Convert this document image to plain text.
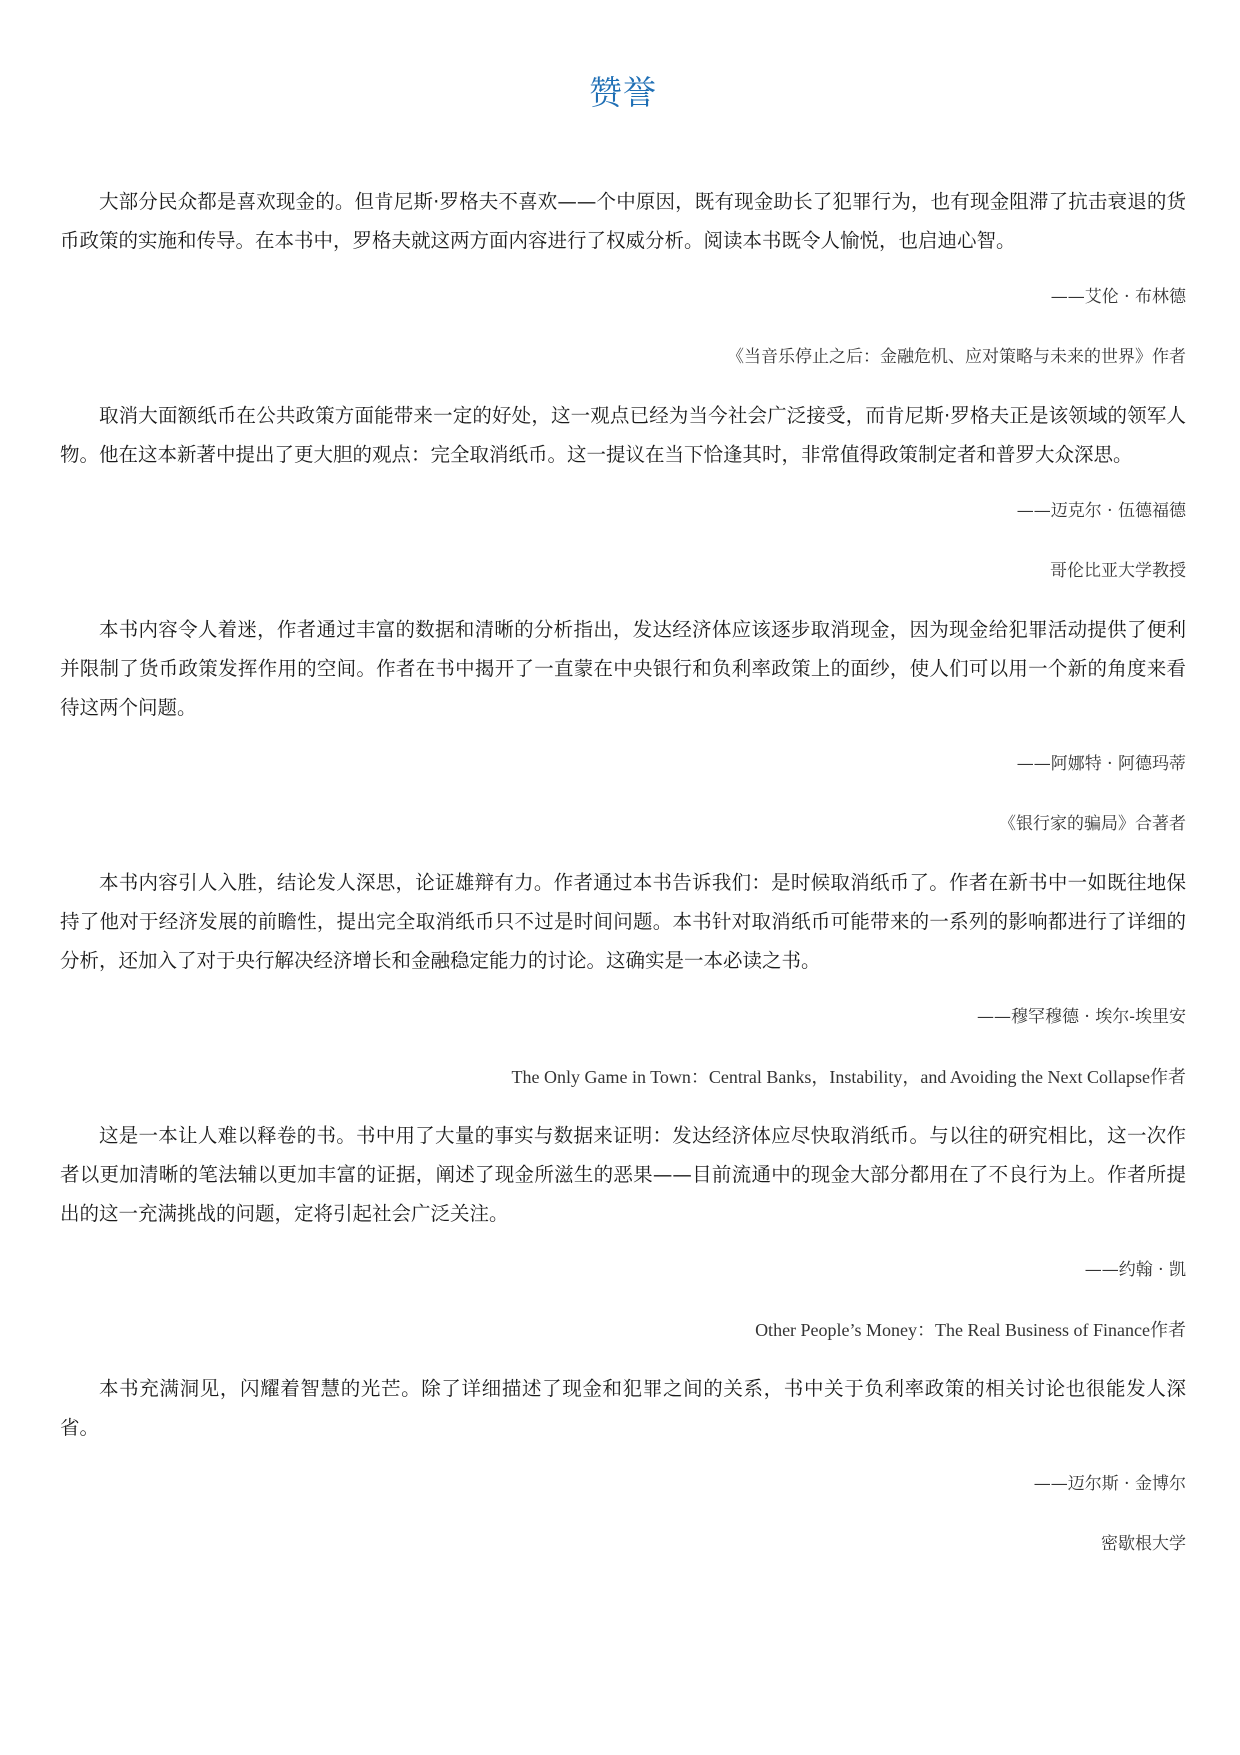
赞誉

大部分民众都是喜欢现金的。但肯尼斯·罗格夫不喜欢——个中原因，既有现金助长了犯罪行为，也有现金阻滞了抗击衰退的货币政策的实施和传导。在本书中，罗格夫就这两方面内容进行了权威分析。阅读本书既令人愉悦，也启迪心智。

——艾伦 · 布林德

《当音乐停止之后：金融危机、应对策略与未来的世界》作者

取消大面额纸币在公共政策方面能带来一定的好处，这一观点已经为当今社会广泛接受，而肯尼斯·罗格夫正是该领域的领军人物。他在这本新著中提出了更大胆的观点：完全取消纸币。这一提议在当下恰逢其时，非常值得政策制定者和普罗大众深思。

——迈克尔 · 伍德福德

哥伦比亚大学教授

本书内容令人着迷，作者通过丰富的数据和清晰的分析指出，发达经济体应该逐步取消现金，因为现金给犯罪活动提供了便利并限制了货币政策发挥作用的空间。作者在书中揭开了一直蒙在中央银行和负利率政策上的面纱，使人们可以用一个新的角度来看待这两个问题。

——阿娜特 · 阿德玛蒂

《银行家的骗局》合著者

本书内容引人入胜，结论发人深思，论证雄辩有力。作者通过本书告诉我们：是时候取消纸币了。作者在新书中一如既往地保持了他对于经济发展的前瞻性，提出完全取消纸币只不过是时间问题。本书针对取消纸币可能带来的一系列的影响都进行了详细的分析，还加入了对于央行解决经济增长和金融稳定能力的讨论。这确实是一本必读之书。

——穆罕穆德 · 埃尔-埃里安

The Only Game in Town：Central Banks，Instability，and Avoiding the Next Collapse作者

这是一本让人难以释卷的书。书中用了大量的事实与数据来证明：发达经济体应尽快取消纸币。与以往的研究相比，这一次作者以更加清晰的笔法辅以更加丰富的证据，阐述了现金所滋生的恶果——目前流通中的现金大部分都用在了不良行为上。作者所提出的这一充满挑战的问题，定将引起社会广泛关注。

——约翰 · 凯

Other People’s Money：The Real Business of Finance作者

本书充满洞见，闪耀着智慧的光芒。除了详细描述了现金和犯罪之间的关系，书中关于负利率政策的相关讨论也很能发人深省。

——迈尔斯 · 金博尔

密歇根大学
